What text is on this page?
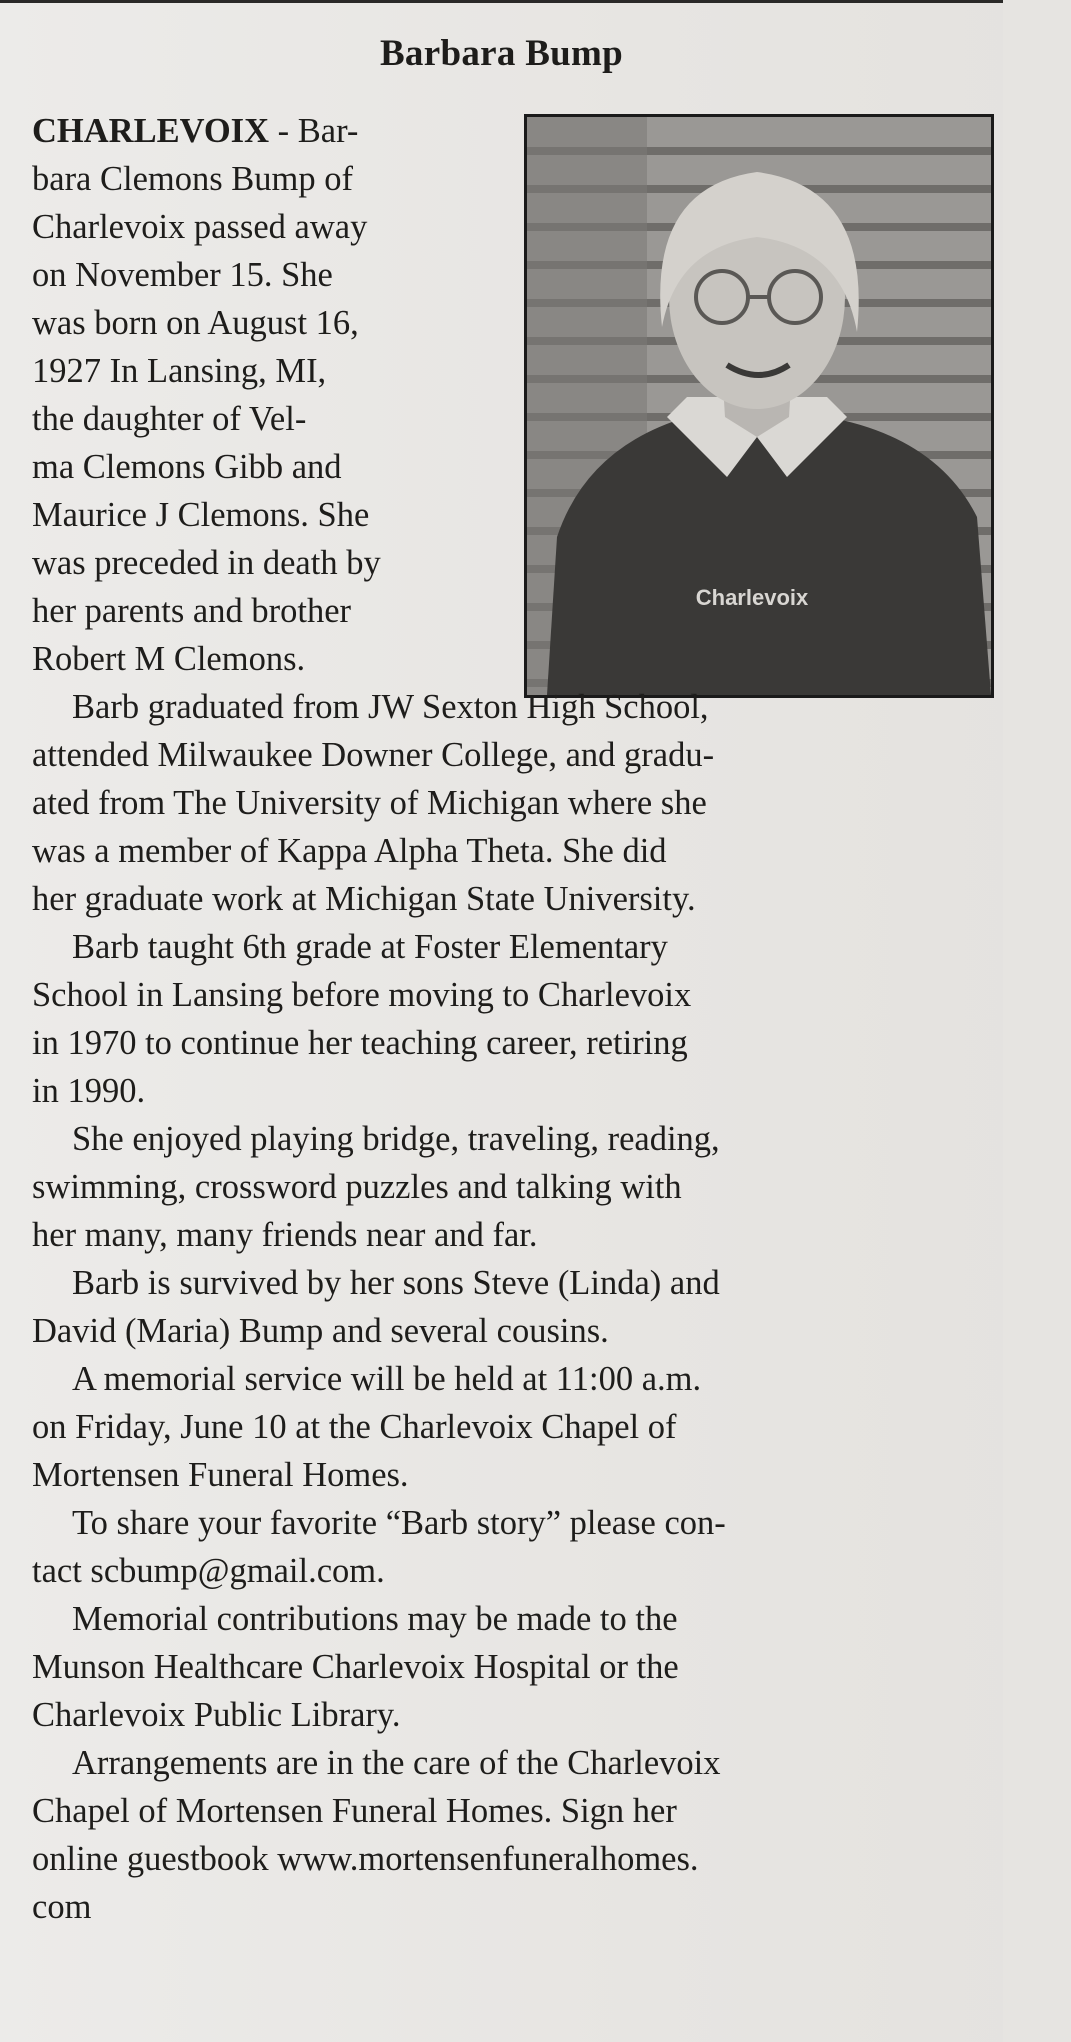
Barbara Bump
Charlevoix
CHARLEVOIX - Bar-
bara Clemons Bump of
Charlevoix passed away
on November 15. She
was born on August 16,
1927 In Lansing, MI,
the daughter of Vel-
ma Clemons Gibb and
Maurice J Clemons. She
was preceded in death by
her parents and brother
Robert M Clemons.
Barb graduated from JW Sexton High School,
attended Milwaukee Downer College, and gradu-
ated from The University of Michigan where she
was a member of Kappa Alpha Theta. She did
her graduate work at Michigan State University.
Barb taught 6th grade at Foster Elementary
School in Lansing before moving to Charlevoix
in 1970 to continue her teaching career, retiring
in 1990.
She enjoyed playing bridge, traveling, reading,
swimming, crossword puzzles and talking with
her many, many friends near and far.
Barb is survived by her sons Steve (Linda) and
David (Maria) Bump and several cousins.
A memorial service will be held at 11:00 a.m.
on Friday, June 10 at the Charlevoix Chapel of
Mortensen Funeral Homes.
To share your favorite “Barb story” please con-
tact scbump@gmail.com.
Memorial contributions may be made to the
Munson Healthcare Charlevoix Hospital or the
Charlevoix Public Library.
Arrangements are in the care of the Charlevoix
Chapel of Mortensen Funeral Homes. Sign her
online guestbook www.mortensenfuneralhomes.
com
